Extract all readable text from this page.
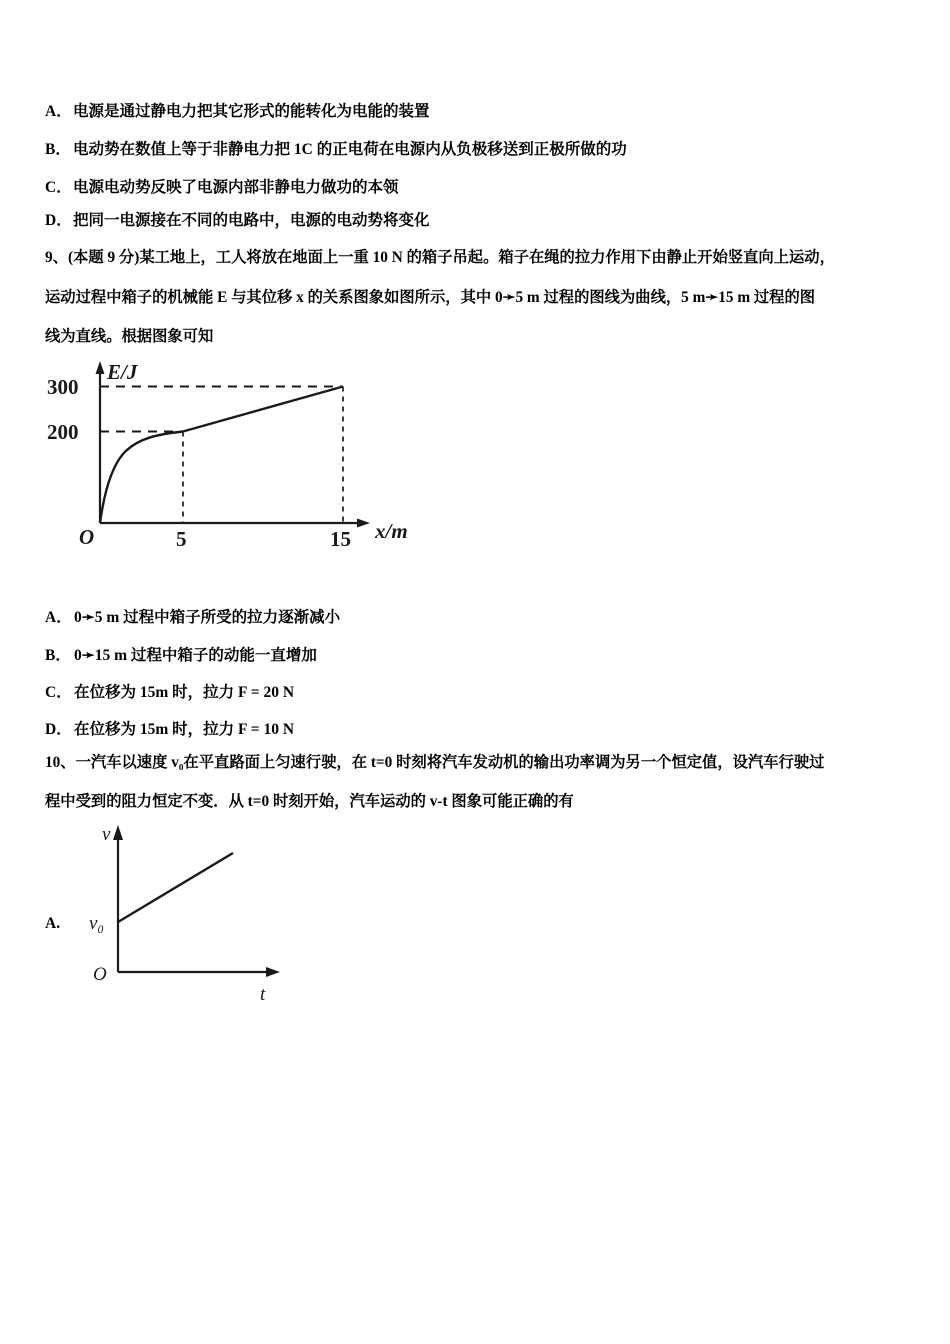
A． 电源是通过静电力把其它形式的能转化为电能的装置
B． 电动势在数值上等于非静电力把 1C 的正电荷在电源内从负极移送到正极所做的功
C． 电源电动势反映了电源内部非静电力做功的本领
D． 把同一电源接在不同的电路中，电源的电动势将变化
9、(本题 9 分)某工地上，工人将放在地面上一重 10 N 的箱子吊起。箱子在绳的拉力作用下由静止开始竖直向上运动，
运动过程中箱子的机械能 E 与其位移 x 的关系图象如图所示，其中 0➛5 m 过程的图线为曲线，5 m➛15 m 过程的图
线为直线。根据图象可知
E/J
x/m
300
200
5	15
O
A． 0➛5 m 过程中箱子所受的拉力逐渐减小
B． 0➛15 m 过程中箱子的动能一直增加
C． 在位移为 15m 时，拉力 F = 20 N
D． 在位移为 15m 时，拉力 F = 10 N
10、一汽车以速度 v₀在平直路面上匀速行驶，在 t=0 时刻将汽车发动机的输出功率调为另一个恒定值，设汽车行驶过
程中受到的阻力恒定不变．从 t=0 时刻开始，汽车运动的 v-t 图象可能正确的有
A.
v
t
v₀
O
